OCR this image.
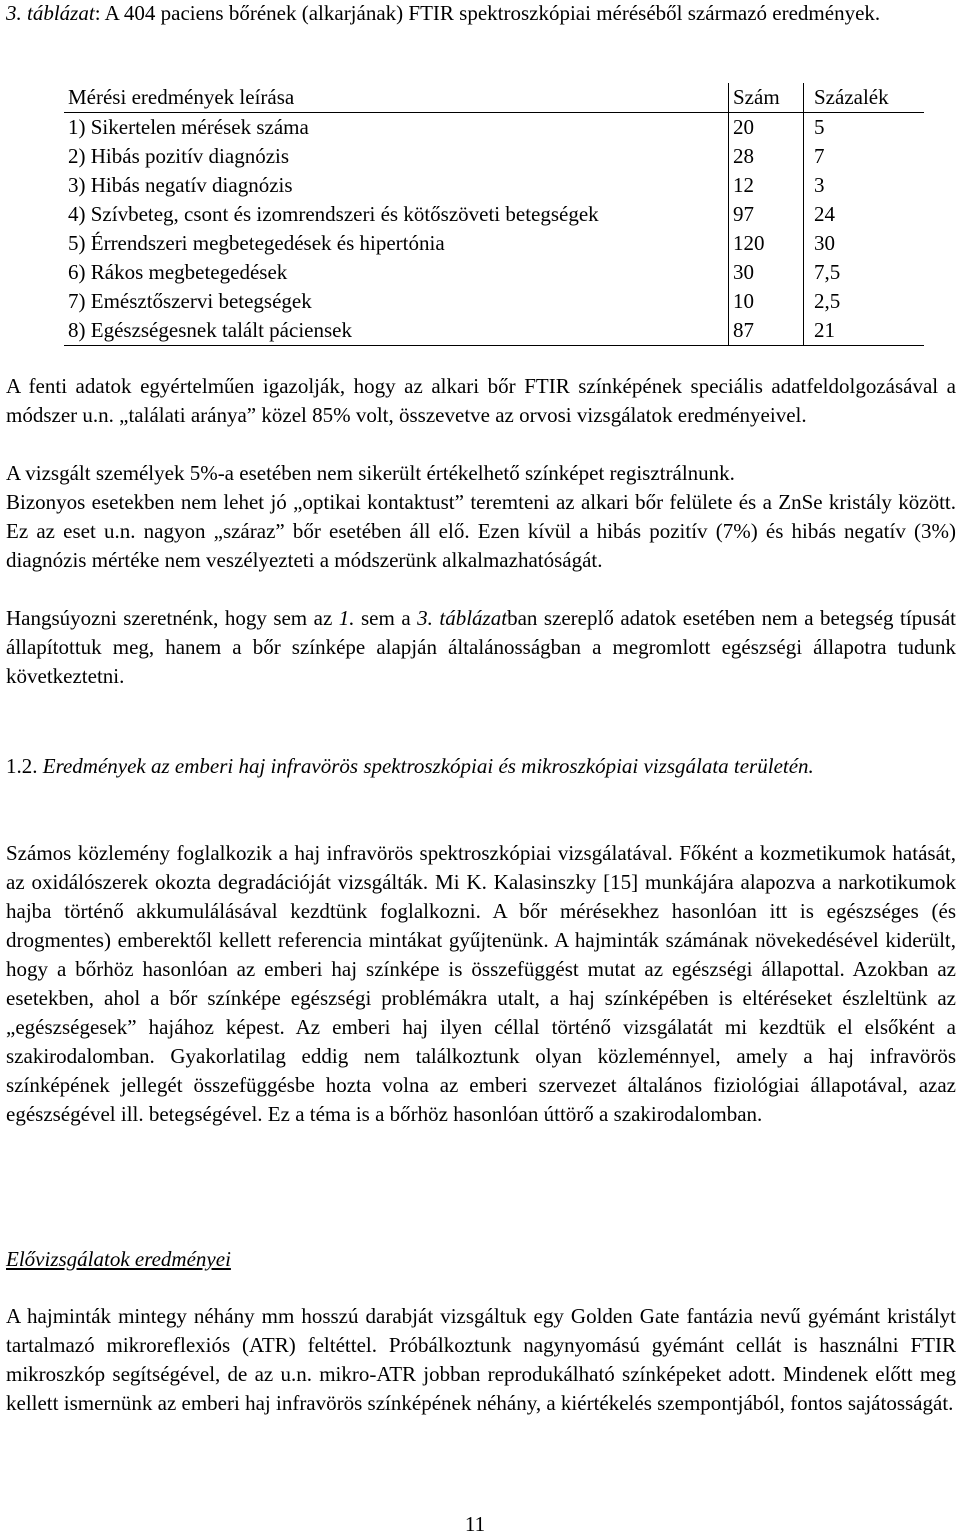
3. táblázat: A 404 paciens bőrének (alkarjának) FTIR spektroszkópiai méréséből származó eredmények.
Mérési eredmények leírása	Szám	Százalék
1) Sikertelen mérések száma	20	5
2) Hibás pozitív diagnózis	28	7
3) Hibás negatív diagnózis	12	3
4) Szívbeteg, csont és izomrendszeri és kötőszöveti betegségek	97	24
5) Érrendszeri megbetegedések és hipertónia	120	30
6) Rákos megbetegedések	30	7,5
7) Emésztőszervi betegségek	10	2,5
8) Egészségesnek talált páciensek	87	21

A fenti adatok egyértelműen igazolják, hogy az alkari bőr FTIR színképének speciális adatfeldolgozásával a módszer u.n. „találati aránya” közel 85% volt, összevetve az orvosi vizsgálatok eredményeivel.

A vizsgált személyek 5%-a esetében nem sikerült értékelhető színképet regisztrálnunk.

Bizonyos esetekben nem lehet jó „optikai kontaktust” teremteni az alkari bőr felülete és a ZnSe kristály között. Ez az eset u.n. nagyon „száraz” bőr esetében áll elő. Ezen kívül a hibás pozitív (7%) és hibás negatív (3%) diagnózis mértéke nem veszélyezteti a módszerünk alkalmazhatóságát.

Hangsúyozni szeretnénk, hogy sem az 1. sem a 3. táblázatban szereplő adatok esetében nem a betegség típusát állapítottuk meg, hanem a bőr színképe alapján általánosságban a megromlott egészségi állapotra tudunk következtetni.

1.2. Eredmények az emberi haj infravörös spektroszkópiai és mikroszkópiai vizsgálata területén.

Számos közlemény foglalkozik a haj infravörös spektroszkópiai vizsgálatával. Főként a kozmetikumok hatását, az oxidálószerek okozta degradációját vizsgálták. Mi K. Kalasinszky [15] munkájára alapozva a narkotikumok hajba történő akkumulálásával kezdtünk foglalkozni. A bőr mérésekhez hasonlóan itt is egészséges (és drogmentes) emberektől kellett referencia mintákat gyűjtenünk. A hajminták számának növekedésével kiderült, hogy a bőrhöz hasonlóan az emberi haj színképe is összefüggést mutat az egészségi állapottal. Azokban az esetekben, ahol a bőr színképe egészségi problémákra utalt, a haj színképében is eltéréseket észleltünk az „egészségesek” hajához képest. Az emberi haj ilyen céllal történő vizsgálatát mi kezdtük el elsőként a szakirodalomban. Gyakorlatilag eddig nem találkoztunk olyan közleménnyel, amely a haj infravörös színképének jellegét összefüggésbe hozta volna az emberi szervezet általános fiziológiai állapotával, azaz egészségével ill. betegségével. Ez a téma is a bőrhöz hasonlóan úttörő a szakirodalomban.

Elővizsgálatok eredményei

A hajminták mintegy néhány mm hosszú darabját vizsgáltuk egy Golden Gate fantázia nevű gyémánt kristályt tartalmazó mikroreflexiós (ATR) feltéttel. Próbálkoztunk nagynyomású gyémánt cellát is használni FTIR mikroszkóp segítségével, de az u.n. mikro-ATR jobban reprodukálható színképeket adott. Mindenek előtt meg kellett ismernünk az emberi haj infravörös színképének néhány, a kiértékelés szempontjából, fontos sajátosságát.

11
